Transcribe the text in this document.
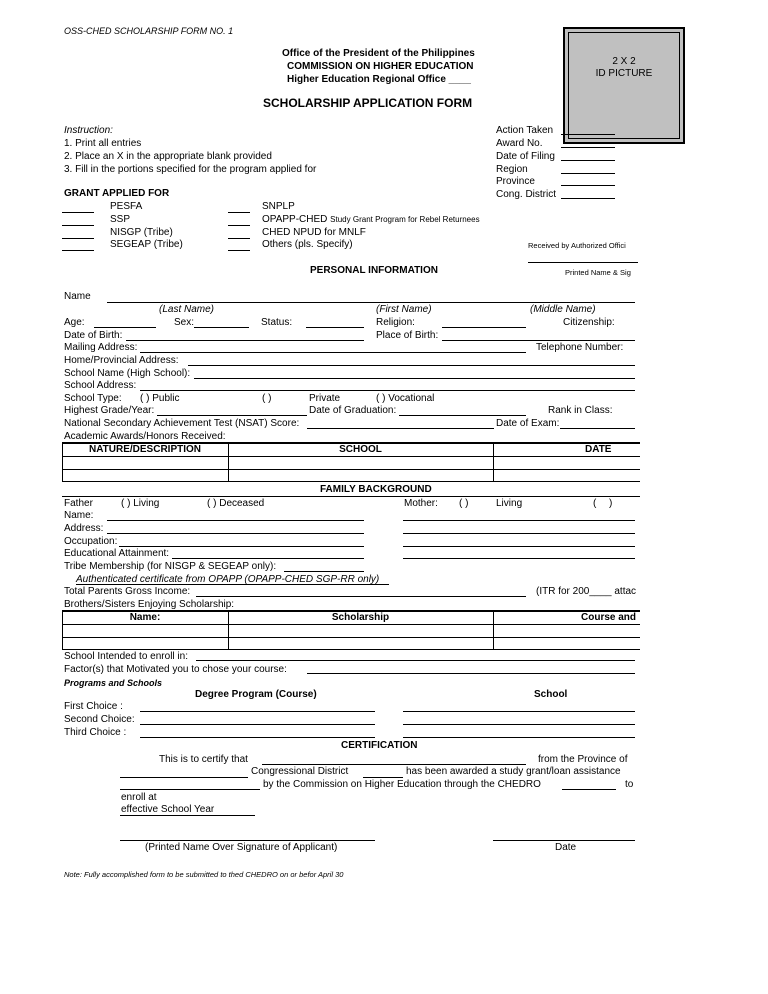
OSS-CHED SCHOLARSHIP FORM NO. 1
Office of the President of the Philippines
COMMISSION ON HIGHER EDUCATION
Higher Education Regional Office ____
SCHOLARSHIP APPLICATION FORM
2 X 2
ID PICTURE
Instruction:
1. Print all entries
2. Place an X in the appropriate blank provided
3. Fill in the portions specified for the program applied for
Action Taken
Award No.
Date of Filing
Region
Province
Cong. District
GRANT APPLIED FOR
PESFA
SSP
NISGP (Tribe)
SEGEAP (Tribe)
SNPLP
OPAPP-CHED Study Grant Program for Rebel Returnees
CHED NPUD for MNLF
Others (pls. Specify)	Received by Authorized Offici
Printed Name & Sig
PERSONAL INFORMATION
Name
(Last Name)	(First Name)	(Middle Name)
Age:	Sex:	Status:	Religion:	Citizenship:
Date of Birth:	Place of Birth:
Mailing Address:	Telephone Number:
Home/Provincial Address:
School Name (High School):
School Address:
School Type: ( ) Public	( )	Private	( ) Vocational
Highest Grade/Year:	Date of Graduation:	Rank in Class:
National Secondary Achievement Test (NSAT) Score:	Date of Exam:
Academic Awards/Honors Received:
NATURE/DESCRIPTION	SCHOOL	DATE
FAMILY BACKGROUND
Father	( ) Living	( ) Deceased	Mother: ( )	Living	( )
Name:
Address:
Occupation:
Educational Attainment:
Tribe Membership (for NISGP & SEGEAP only):
Authenticated certificate from OPAPP (OPAPP-CHED SGP-RR only)
Total Parents Gross Income:	(ITR for 200____ attac
Brothers/Sisters Enjoying Scholarship:
Name:	Scholarship	Course and
School Intended to enroll in:
Factor(s) that Motivated you to chose your course:
Programs and Schools
Degree Program (Course)	School
First Choice :
Second Choice:
Third Choice :
CERTIFICATION
This is to certify that	from the Province of
Congressional District	has been awarded a study grant/loan assistance
by the Commission on Higher Education through the CHEDRO	to
enroll at
effective School Year
(Printed Name Over Signature of Applicant)	Date
Note: Fully accomplished form to be submitted to thed CHEDRO on or befor April 30
